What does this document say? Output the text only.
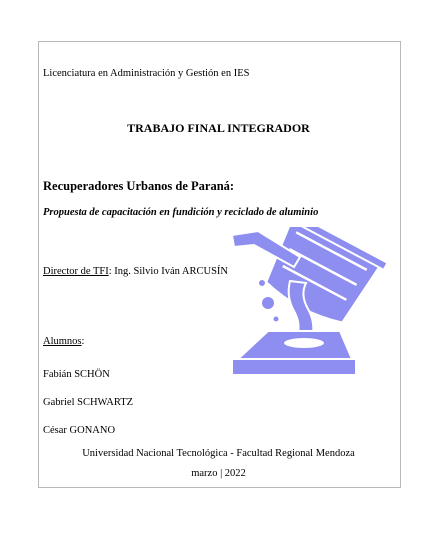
Licenciatura en Administración y Gestión en IES

TRABAJO FINAL INTEGRADOR

Recuperadores Urbanos de Paraná:

Propuesta de capacitación en fundición y reciclado de aluminio

Director de TFI: Ing. Silvio Iván ARCUSÍN

Alumnos:

Fabián SCHÖN

Gabriel SCHWARTZ

César GONANO

Universidad Nacional Tecnológica - Facultad Regional Mendoza

marzo | 2022
